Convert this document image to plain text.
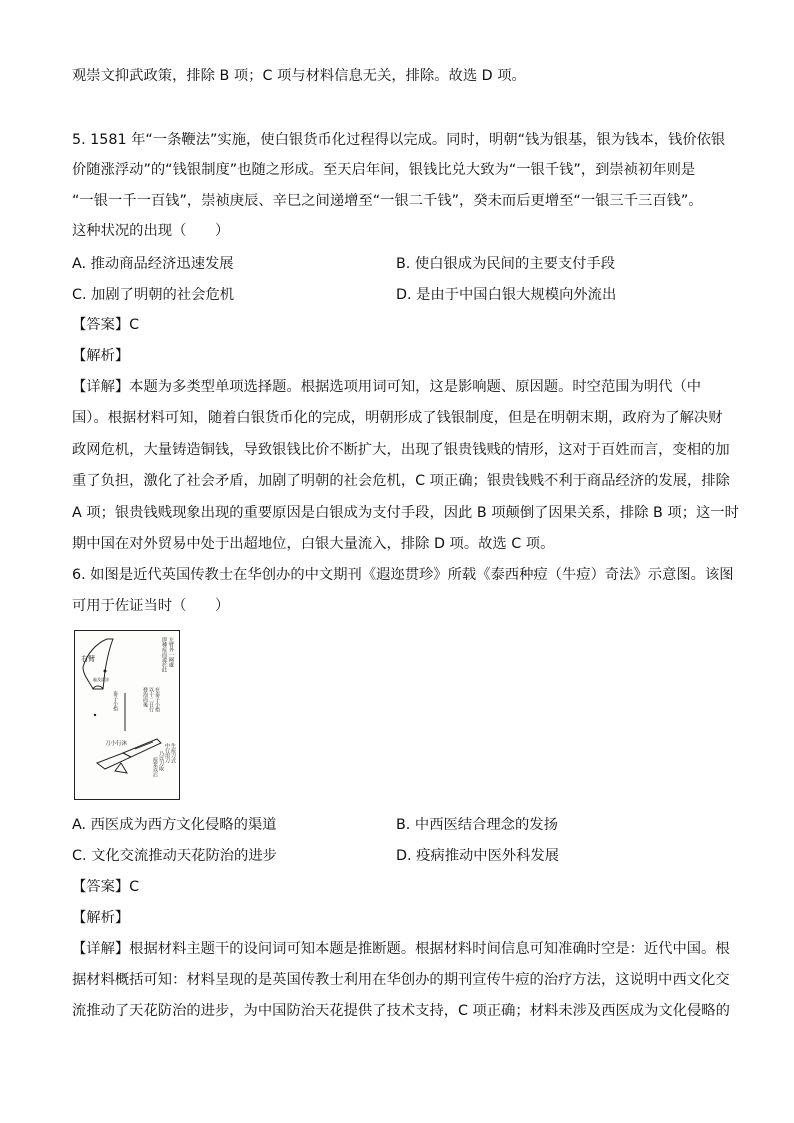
观崇文抑武政策，排除 B 项；C 项与材料信息无关，排除。故选 D 项。
5. 1581 年“一条鞭法”实施，使白银货币化过程得以完成。同时，明朝“钱为银基，银为钱本，钱价依银
价随涨浮动”的“钱银制度”也随之形成。至天启年间，银钱比兑大致为“一银千钱”，到崇祯初年则是
“一银一千一百钱”，崇祯庚辰、辛巳之间递增至“一银二千钱”，癸未而后更增至“一银三千三百钱”。
这种状况的出现（　　）
A. 推动商品经济迅速发展	B. 使白银成为民间的主要支付手段
C. 加剧了明朝的社会危机	D. 是由于中国白银大规模向外流出
【答案】C
【解析】
【详解】本题为多类型单项选择题。根据选项用词可知，这是影响题、原因题。时空范围为明代（中
国）。根据材料可知，随着白银货币化的完成，明朝形成了钱银制度，但是在明朝末期，政府为了解决财
政网危机，大量铸造铜钱，导致银钱比价不断扩大，出现了银贵钱贱的情形，这对于百姓而言，变相的加
重了负担，激化了社会矛盾，加剧了明朝的社会危机，C 项正确；银贵钱贱不利于商品经济的发展，排除
A 项；银贵钱贱现象出现的重要原因是白银成为支付手段，因此 B 项颠倒了因果关系，排除 B 项；这一时
期中国在对外贸易中处于出超地位，白银大量流入，排除 D 项。故选 C 项。
6. 如图是近代英国传教士在华创办的中文期刊《遐迩贯珍》所载《泰西种痘（牛痘）奇法》示意图。该图
可用于佐证当时（　　）
右臂	左臂外一圈處
即種痘而遗於此
在泰子小指
以十二日行
發泡而後
泰子小指
生痘刀式
中行用刀
乃以刀取
痘浆以后
刀小行沐
遍及淡涂
A. 西医成为西方文化侵略的渠道	B. 中西医结合理念的发扬
C. 文化交流推动天花防治的进步	D. 疫病推动中医外科发展
【答案】C
【解析】
【详解】根据材料主题干的设问词可知本题是推断题。根据材料时间信息可知准确时空是：近代中国。根
据材料概括可知：材料呈现的是英国传教士利用在华创办的期刊宣传牛痘的治疗方法，这说明中西文化交
流推动了天花防治的进步，为中国防治天花提供了技术支持，C 项正确；材料未涉及西医成为文化侵略的
